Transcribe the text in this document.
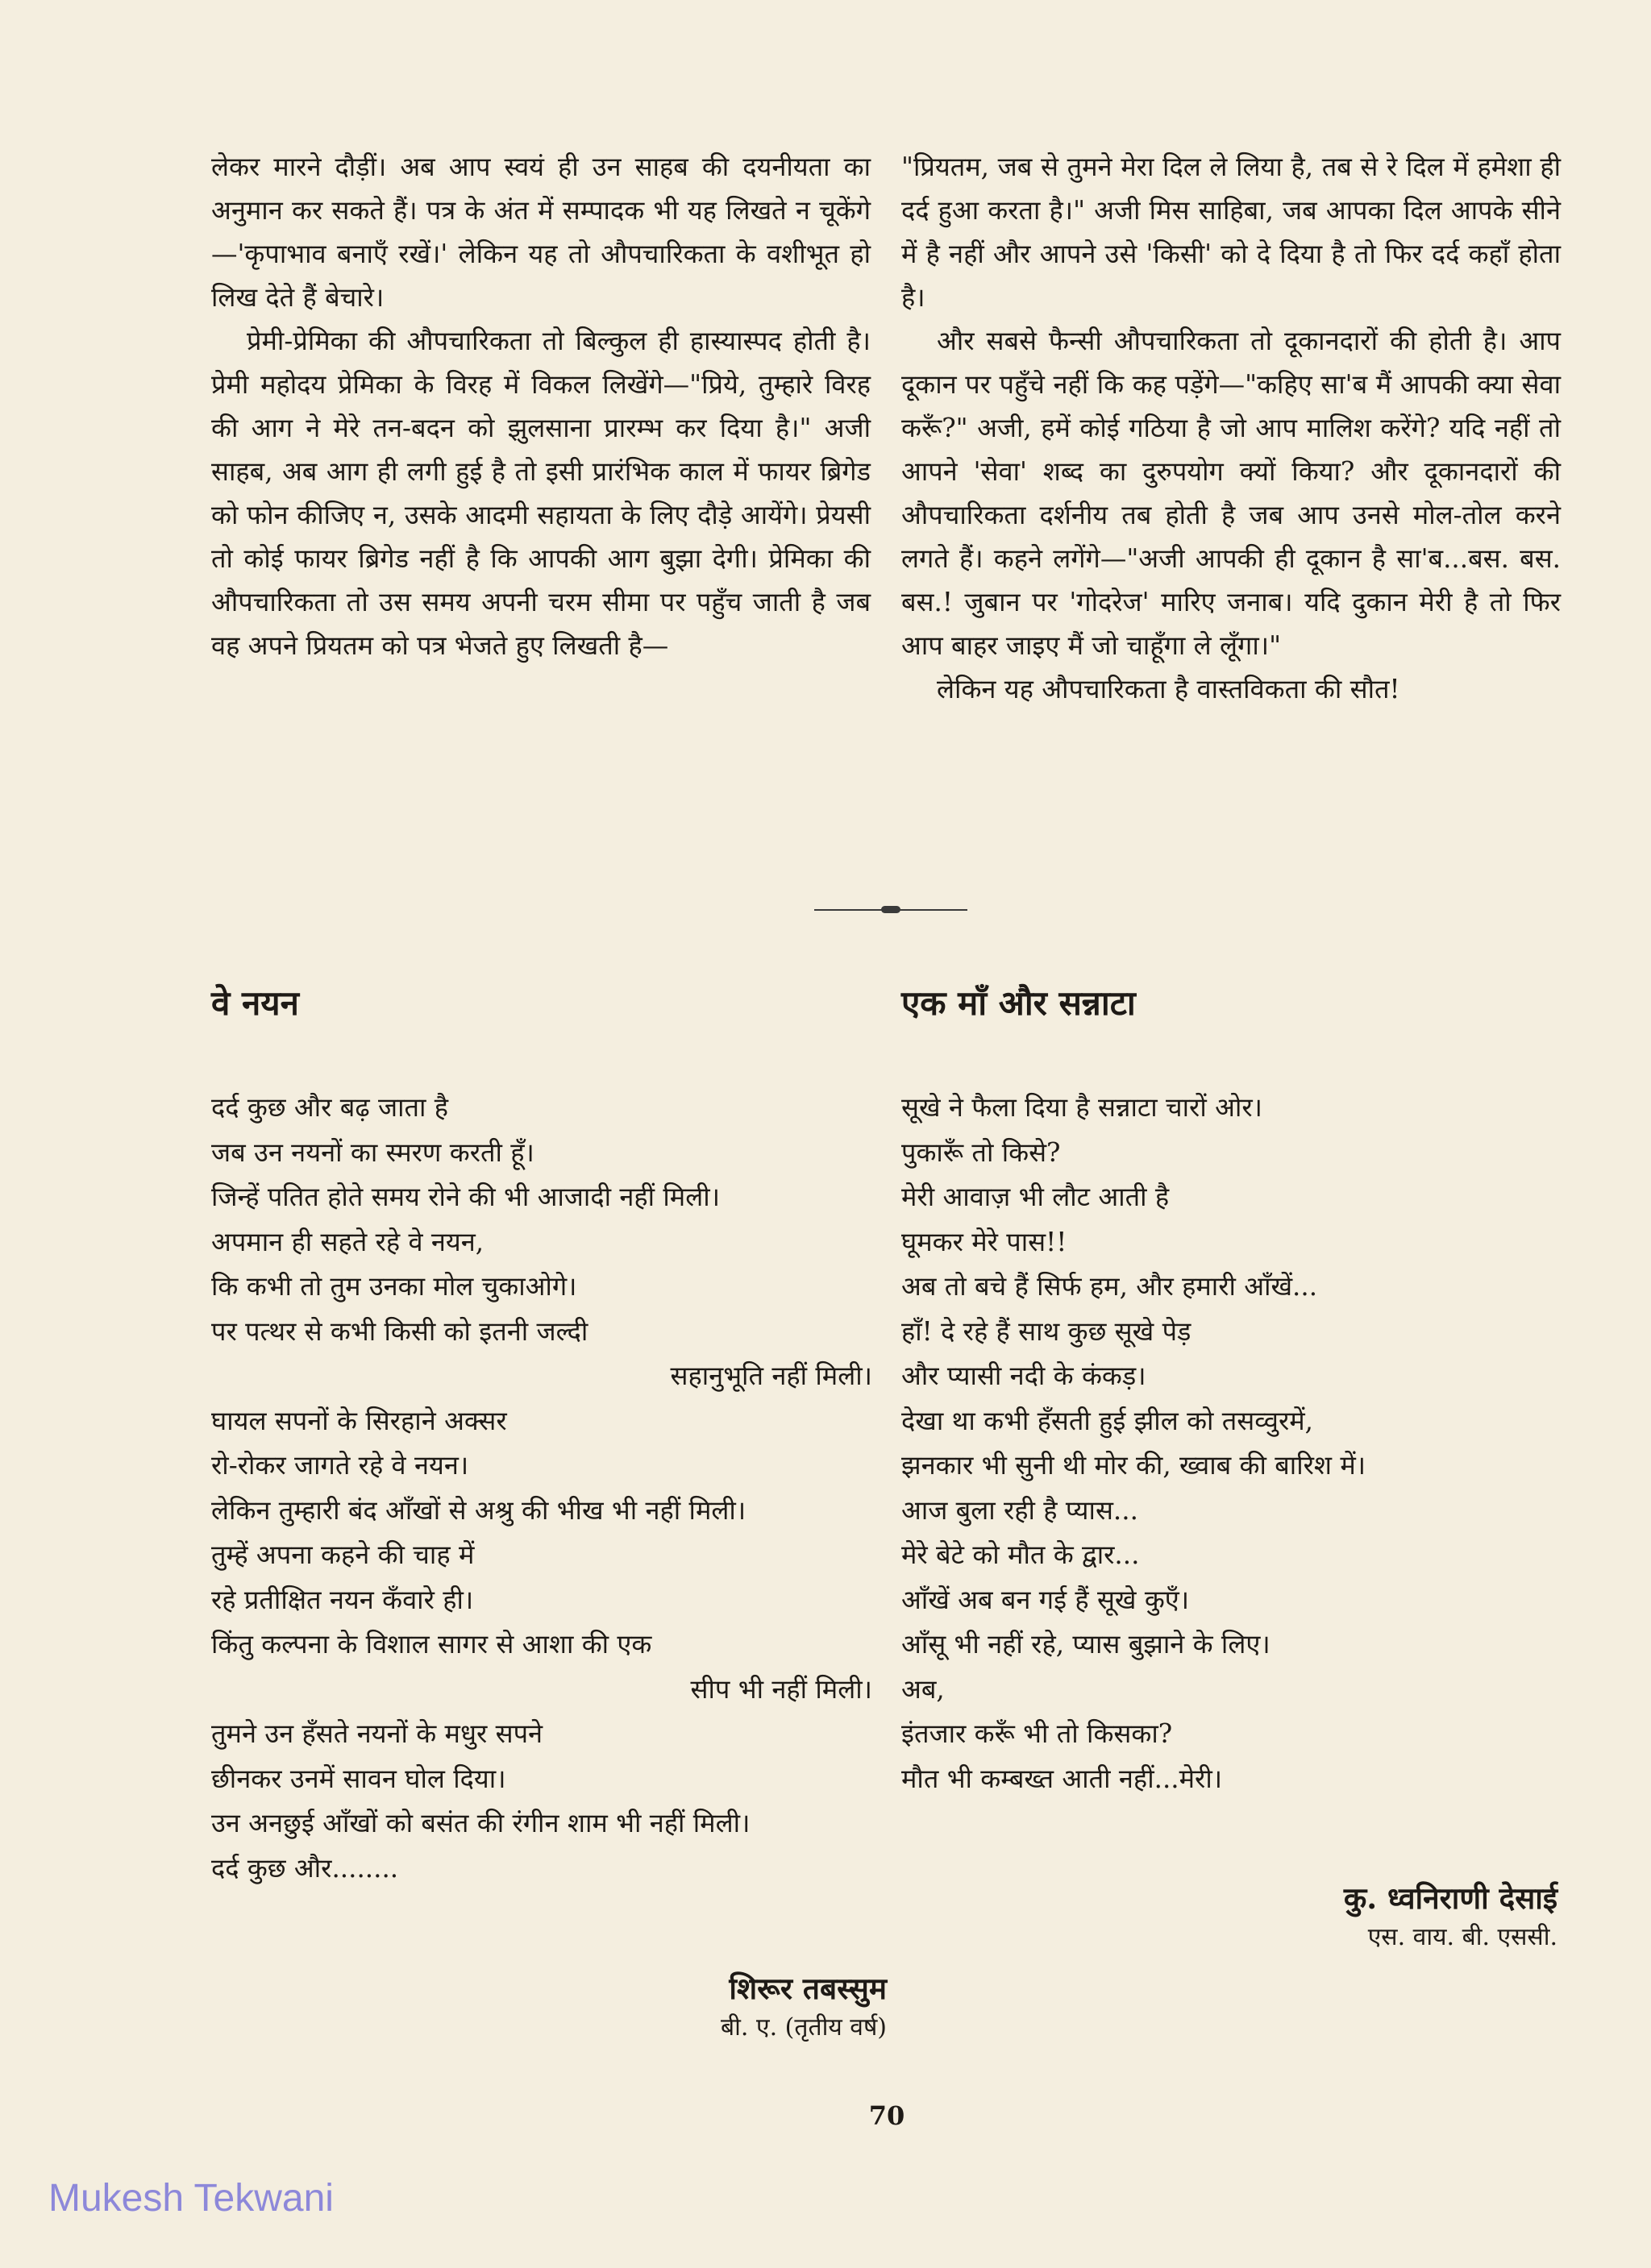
लेकर मारने दौड़ीं। अब आप स्वयं ही उन साहब की दयनीयता का अनुमान कर सकते हैं। पत्र के अंत में सम्पादक भी यह लिखते न चूकेंगे—'कृपाभाव बनाएँ रखें।' लेकिन यह तो औपचारिकता के वशीभूत हो लिख देते हैं बेचारे।

प्रेमी-प्रेमिका की औपचारिकता तो बिल्कुल ही हास्यास्पद होती है। प्रेमी महोदय प्रेमिका के विरह में विकल लिखेंगे—"प्रिये, तुम्हारे विरह की आग ने मेरे तन-बदन को झुलसाना प्रारम्भ कर दिया है।" अजी साहब, अब आग ही लगी हुई है तो इसी प्रारंभिक काल में फायर ब्रिगेड को फोन कीजिए न, उसके आदमी सहायता के लिए दौड़े आयेंगे। प्रेयसी तो कोई फायर ब्रिगेड नहीं है कि आपकी आग बुझा देगी। प्रेमिका की औपचारिकता तो उस समय अपनी चरम सीमा पर पहुँच जाती है जब वह अपने प्रियतम को पत्र भेजते हुए लिखती है—

"प्रियतम, जब से तुमने मेरा दिल ले लिया है, तब से रे दिल में हमेशा ही दर्द हुआ करता है।" अजी मिस साहिबा, जब आपका दिल आपके सीने में है नहीं और आपने उसे 'किसी' को दे दिया है तो फिर दर्द कहाँ होता है।

और सबसे फैन्सी औपचारिकता तो दूकानदारों की होती है। आप दूकान पर पहुँचे नहीं कि कह पड़ेंगे—"कहिए सा'ब मैं आपकी क्या सेवा करूँ?" अजी, हमें कोई गठिया है जो आप मालिश करेंगे? यदि नहीं तो आपने 'सेवा' शब्द का दुरुपयोग क्यों किया? और दूकानदारों की औपचारिकता दर्शनीय तब होती है जब आप उनसे मोल-तोल करने लगते हैं। कहने लगेंगे—"अजी आपकी ही दूकान है सा'ब...बस. बस. बस.! जुबान पर 'गोदरेज' मारिए जनाब। यदि दुकान मेरी है तो फिर आप बाहर जाइए मैं जो चाहूँगा ले लूँगा।"

लेकिन यह औपचारिकता है वास्तविकता की सौत!

वे नयन
दर्द कुछ और बढ़ जाता है
जब उन नयनों का स्मरण करती हूँ।
जिन्हें पतित होते समय रोने की भी आजादी नहीं मिली।
अपमान ही सहते रहे वे नयन,
कि कभी तो तुम उनका मोल चुकाओगे।
पर पत्थर से कभी किसी को इतनी जल्दी
सहानुभूति नहीं मिली।
घायल सपनों के सिरहाने अक्सर
रो-रोकर जागते रहे वे नयन।
लेकिन तुम्हारी बंद आँखों से अश्रु की भीख भी नहीं मिली।
तुम्हें अपना कहने की चाह में
रहे प्रतीक्षित नयन कँवारे ही।
किंतु कल्पना के विशाल सागर से आशा की एक
सीप भी नहीं मिली।
तुमने उन हँसते नयनों के मधुर सपने
छीनकर उनमें सावन घोल दिया।
उन अनछुई आँखों को बसंत की रंगीन शाम भी नहीं मिली।
दर्द कुछ और........
एक माँ और सन्नाटा
सूखे ने फैला दिया है सन्नाटा चारों ओर।
पुकारूँ तो किसे?
मेरी आवाज़ भी लौट आती है
घूमकर मेरे पास!!
अब तो बचे हैं सिर्फ हम, और हमारी आँखें...
हाँ! दे रहे हैं साथ कुछ सूखे पेड़
और प्यासी नदी के कंकड़।
देखा था कभी हँसती हुई झील को तसव्वुरमें,
झनकार भी सुनी थी मोर की, ख्वाब की बारिश में।
आज बुला रही है प्यास...
मेरे बेटे को मौत के द्वार...
आँखें अब बन गई हैं सूखे कुएँ।
आँसू भी नहीं रहे, प्यास बुझाने के लिए।
अब,
इंतजार करूँ भी तो किसका?
मौत भी कम्बख्त आती नहीं...मेरी।
कु. ध्वनिराणी देसाई
एस. वाय. बी. एससी.
शिरूर तबस्सुम
बी. ए. (तृतीय वर्ष)
70
Mukesh Tekwani
